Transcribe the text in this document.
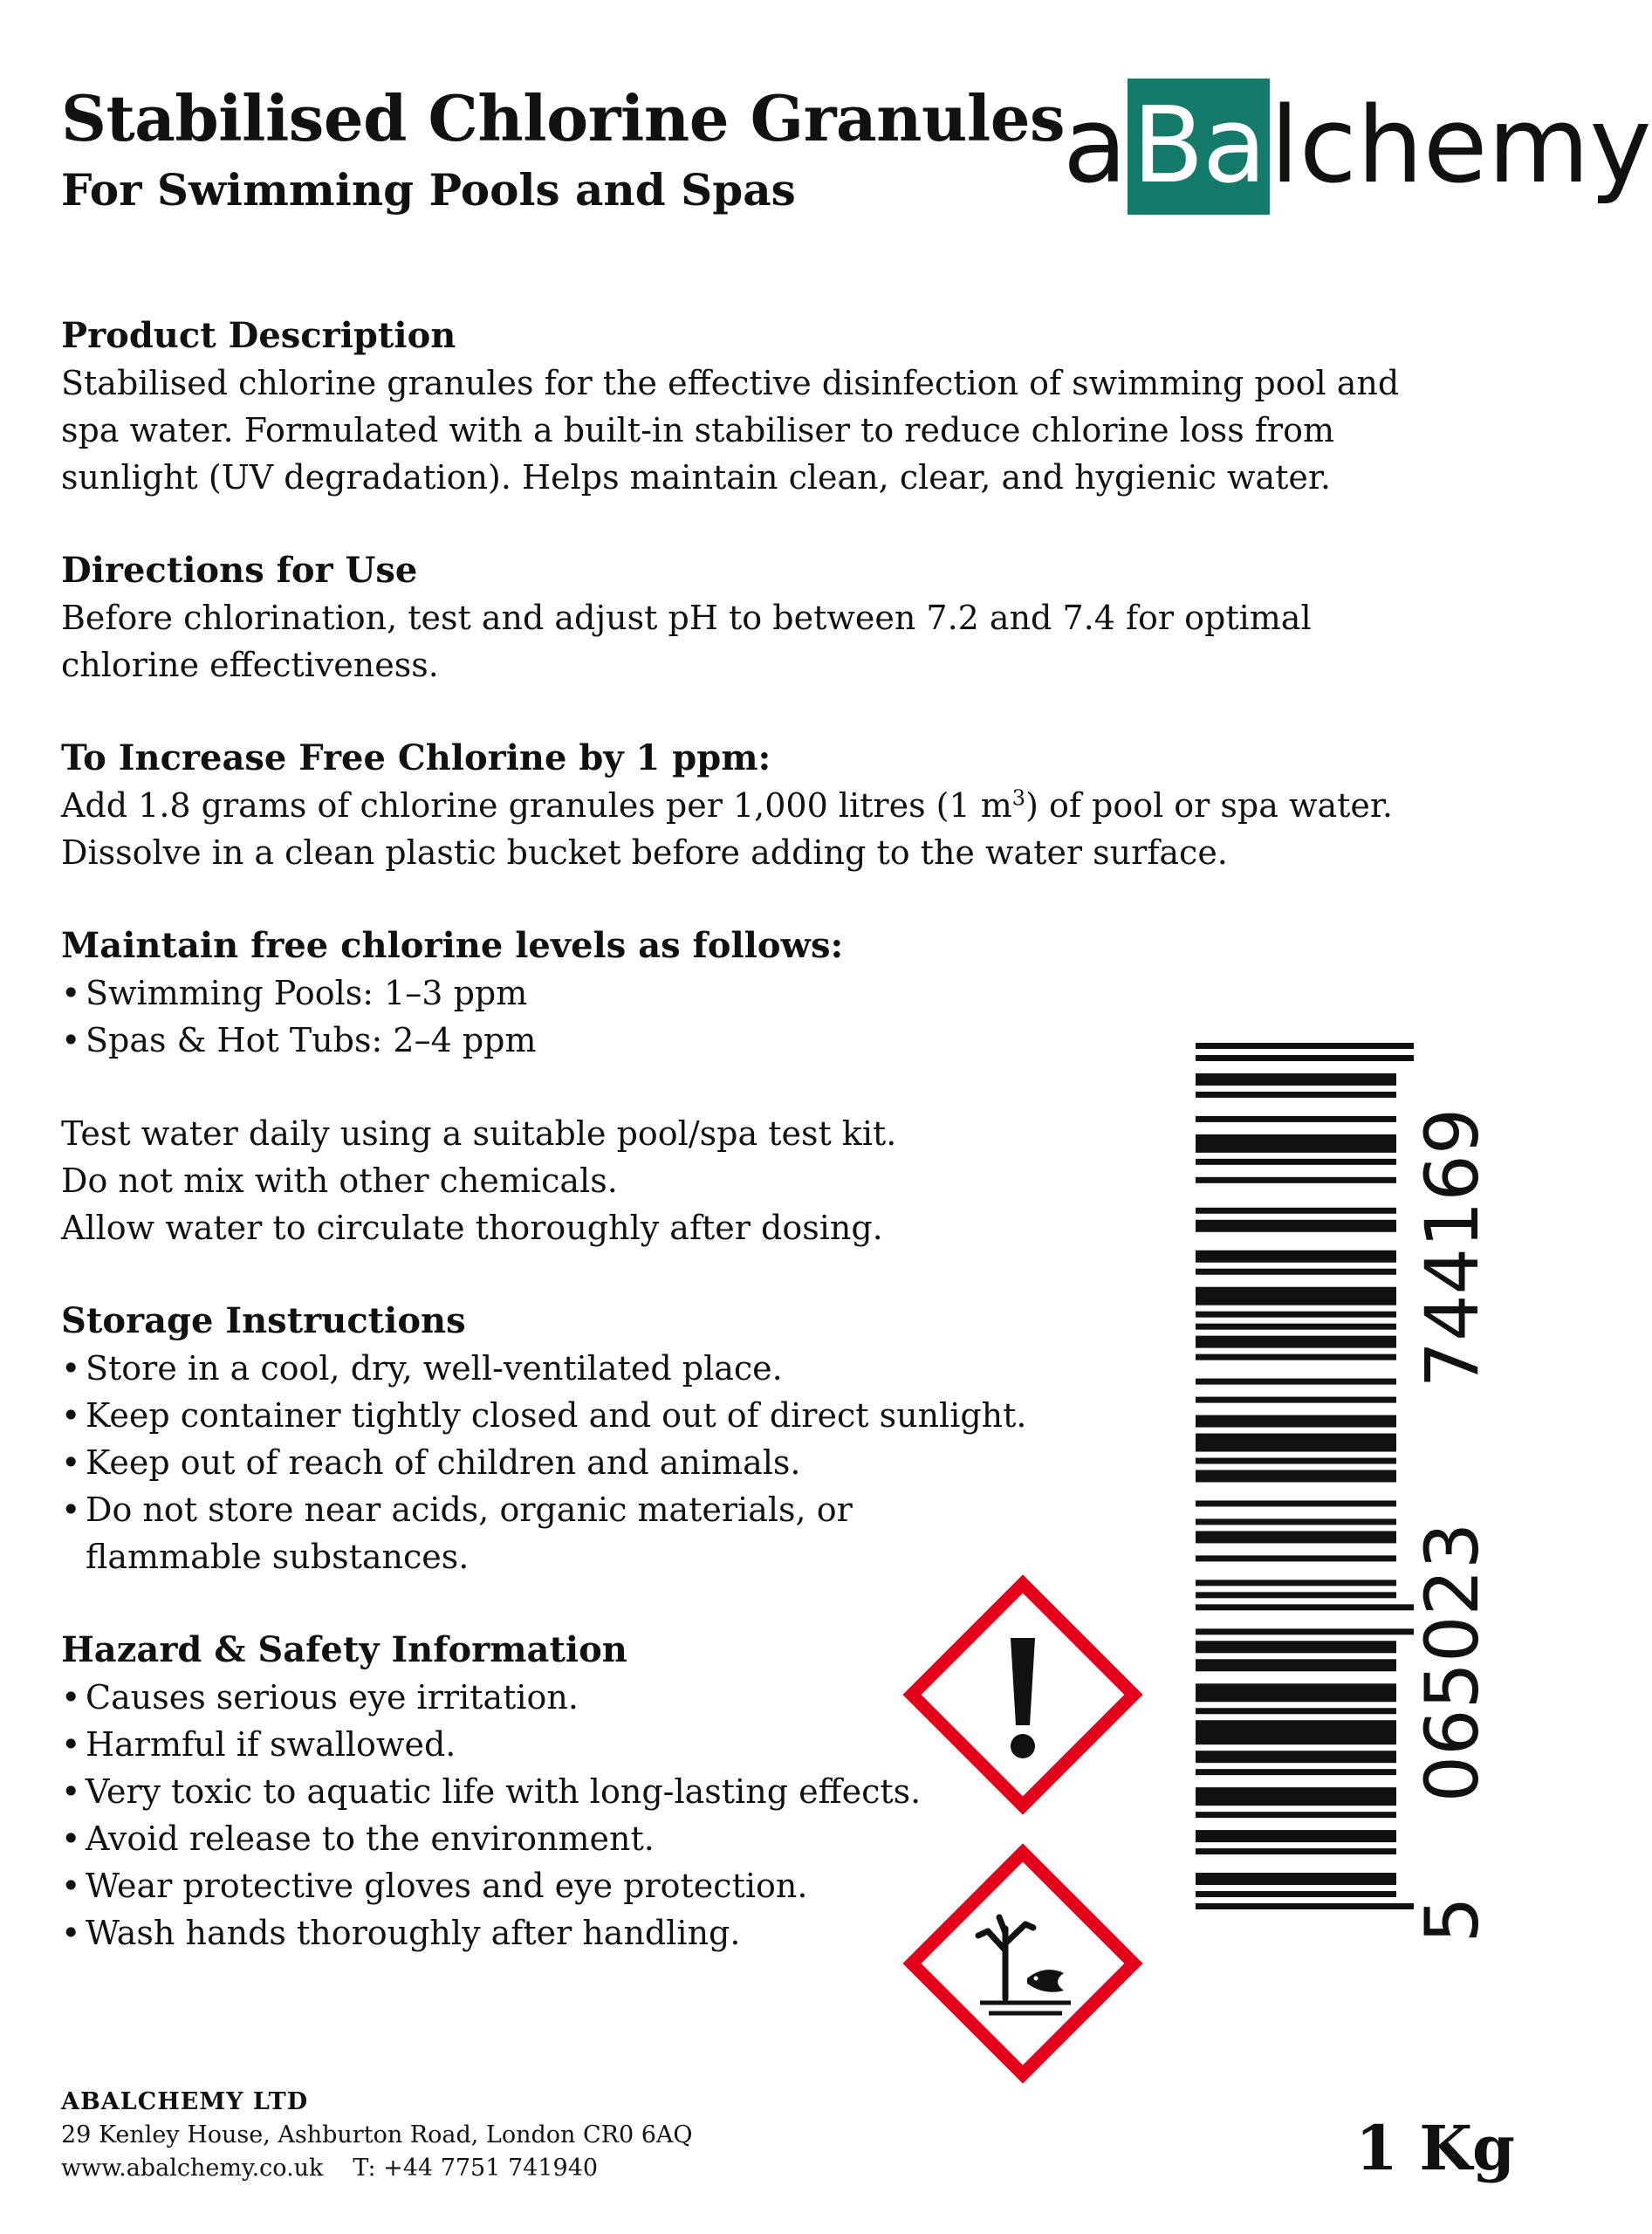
Stabilised Chlorine Granules
For Swimming Pools and Spas	aBalchemy
Product Description

Stabilised chlorine granules for the effective disinfection of swimming pool and spa water. Formulated with a built-in stabiliser to reduce chlorine loss from sunlight (UV degradation). Helps maintain clean, clear, and hygienic water.

Directions for Use

Before chlorination, test and adjust pH to between 7.2 and 7.4 for optimal chlorine effectiveness.

To Increase Free Chlorine by 1 ppm:

Add 1.8 grams of chlorine granules per 1,000 litres (1 $m^3$) of pool or spa water.

Dissolve in a clean plastic bucket before adding to the water surface.

Maintain free chlorine levels as follows:
• Swimming Pools: 1–3 ppm
• Spas & Hot Tubs: 2–4 ppm

Test water daily using a suitable pool/spa test kit.

Do not mix with other chemicals.

Allow water to circulate thoroughly after dosing.

Storage Instructions
• Store in a cool, dry, well-ventilated place.
• Keep container tightly closed and out of direct sunlight.
• Keep out of reach of children and animals.
• Do not store near acids, organic materials, or flammable substances.
Hazard & Safety Information
• Causes serious eye irritation.
• Harmful if swallowed.
• Very toxic to aquatic life with long-lasting effects.
• Avoid release to the environment.
• Wear protective gloves and eye protection.
• Wash hands thoroughly after handling.	5
065023
744169
ABALCHEMY LTD
29 Kenley House, Ashburton Road, London CR0 6AQ
www.abalchemy.co.uk T: +44 7751 741940	1 Kg
